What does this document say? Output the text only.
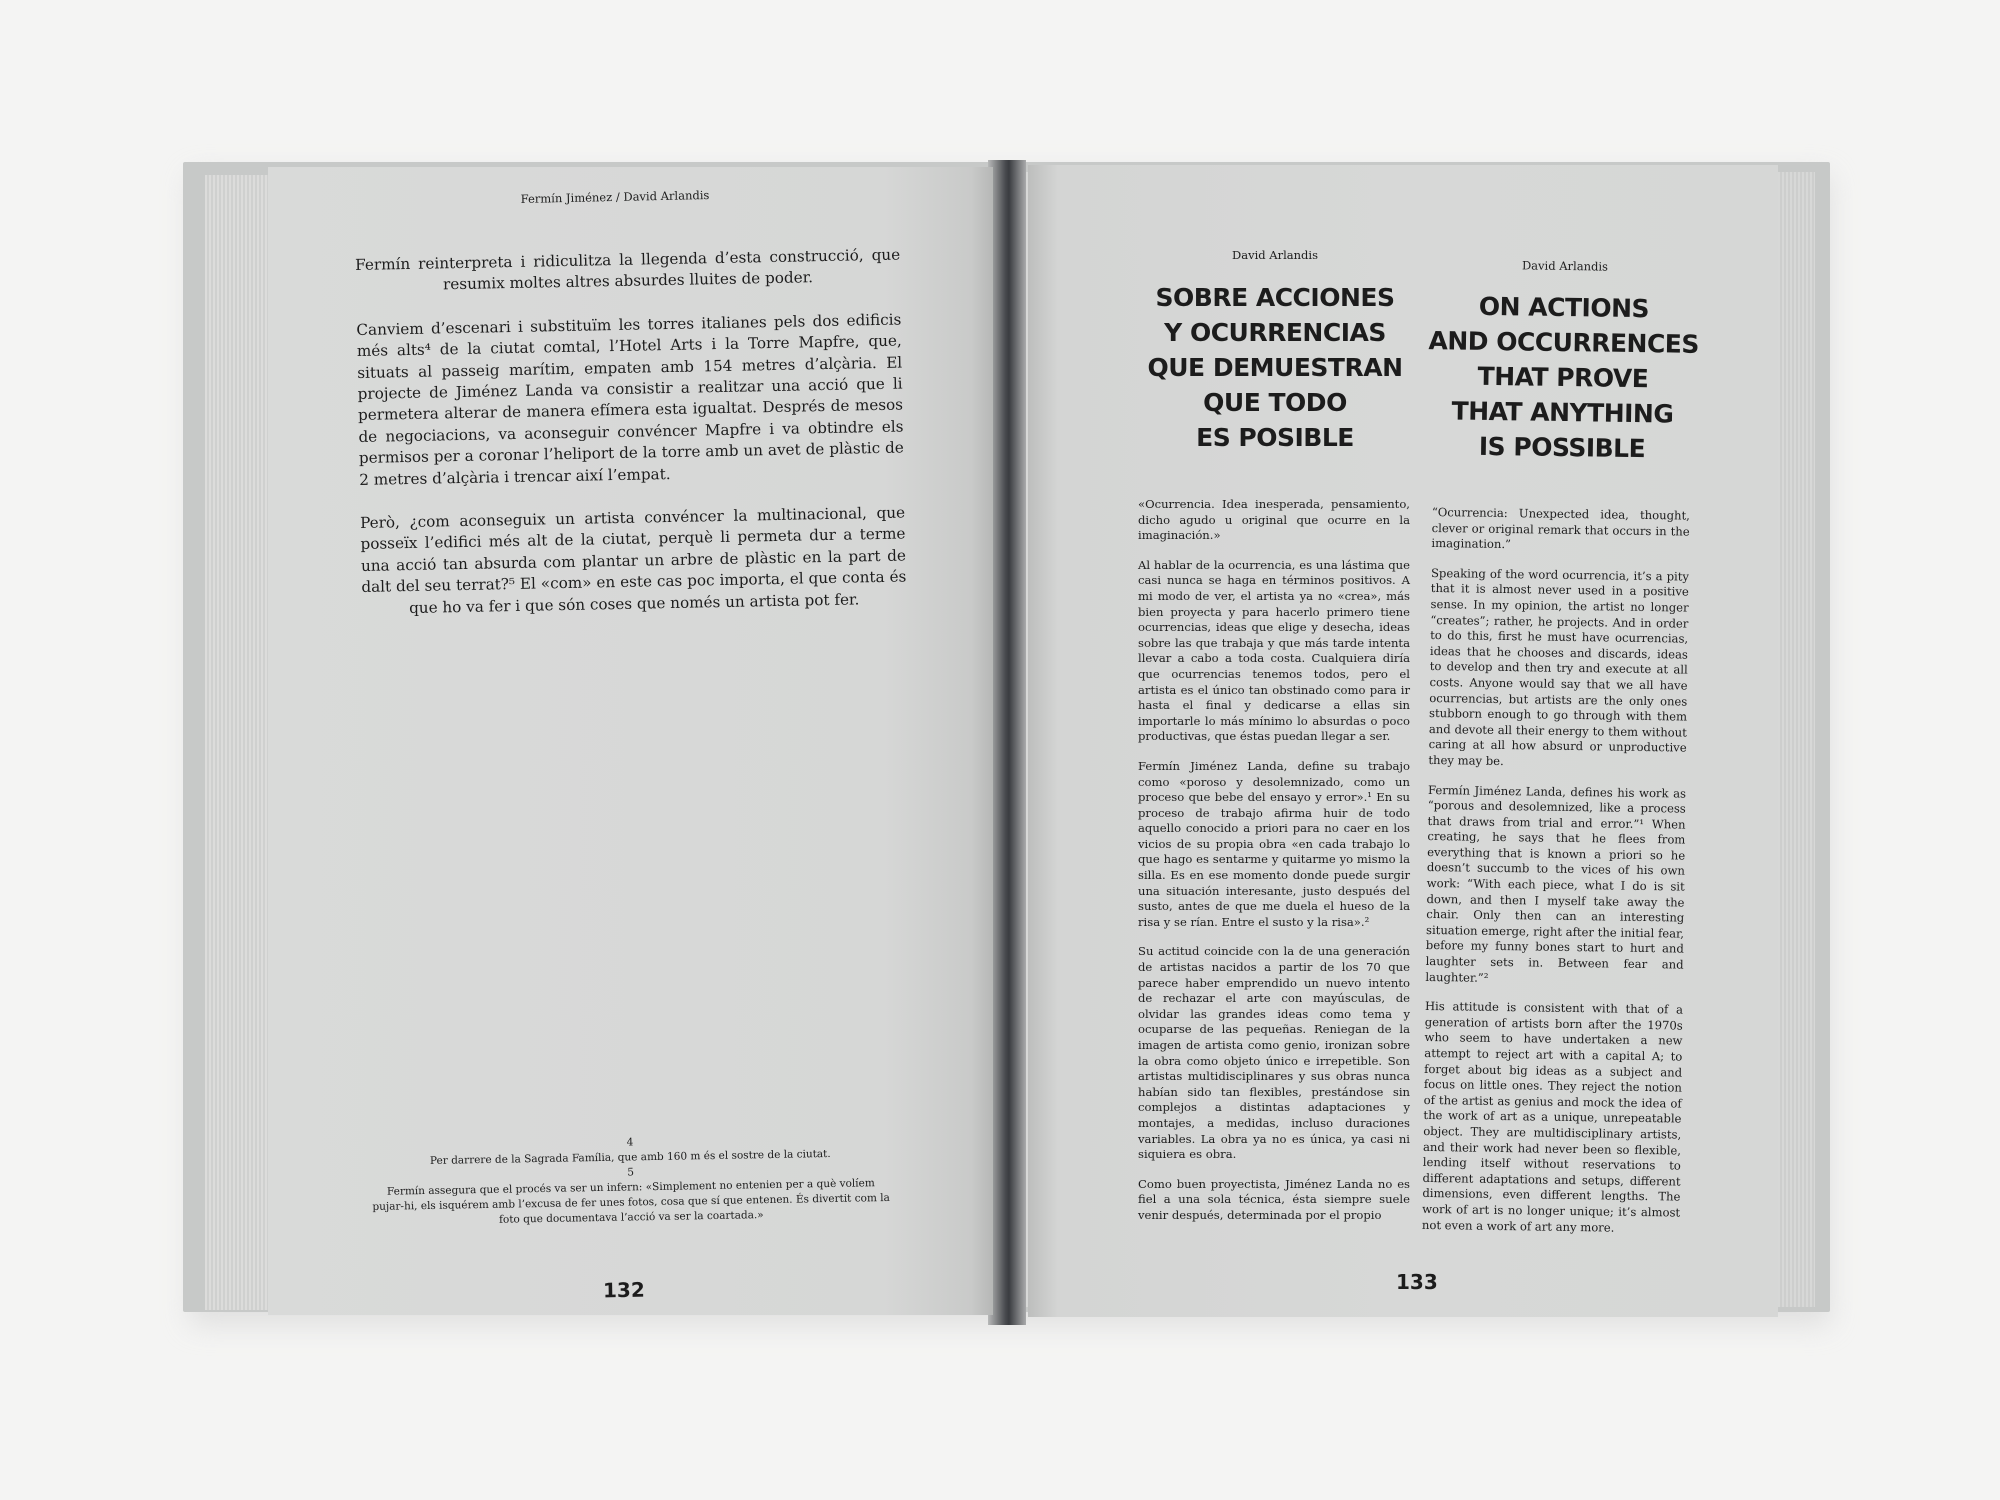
Fermín Jiménez / David Arlandis

Fermín reinterpreta i ridiculitza la llegenda d’esta construcció, que resumix moltes altres absurdes lluites de poder.

Canviem d’escenari i substituïm les torres italianes pels dos edificis més alts⁴ de la ciutat comtal, l’Hotel Arts i la Torre Mapfre, que, situats al passeig marítim, empaten amb 154 metres d’alçària. El projecte de Jiménez Landa va consistir a realitzar una acció que li permetera alterar de manera efímera esta igualtat. Després de mesos de negociacions, va aconseguir convéncer Mapfre i va obtindre els permisos per a coronar l’heliport de la torre amb un avet de plàstic de 2 metres d’alçària i trencar així l’empat.

Però, ¿com aconseguix un artista convéncer la multinacional, que posseïx l’edifici més alt de la ciutat, perquè li permeta dur a terme una acció tan absurda com plantar un arbre de plàstic en la part de dalt del seu terrat?⁵ El «com» en este cas poc importa, el que conta és que ho va fer i que són coses que només un artista pot fer.

4
Per darrere de la Sagrada Família, que amb 160 m és el sostre de la ciutat.
5
Fermín assegura que el procés va ser un infern: «Simplement no entenien per a què volíem pujar-hi, els isquérem amb l’excusa de fer unes fotos, cosa que sí que entenen. És divertit com la foto que documentava l’acció va ser la coartada.»
132
David Arlandis
SOBRE ACCIONES
Y OCURRENCIAS
QUE DEMUESTRAN
QUE TODO
ES POSIBLE

«Ocurrencia. Idea inesperada, pensamiento, dicho agudo u original que ocurre en la imaginación.»

Al hablar de la ocurrencia, es una lástima que casi nunca se haga en términos positivos. A mi modo de ver, el artista ya no «crea», más bien proyecta y para hacerlo primero tiene ocurrencias, ideas que elige y desecha, ideas sobre las que trabaja y que más tarde intenta llevar a cabo a toda costa. Cualquiera diría que ocurrencias tenemos todos, pero el artista es el único tan obstinado como para ir hasta el final y dedicarse a ellas sin importarle lo más mínimo lo absurdas o poco productivas, que éstas puedan llegar a ser.

Fermín Jiménez Landa, define su trabajo como «poroso y desolemnizado, como un proceso que bebe del ensayo y error».¹ En su proceso de trabajo afirma huir de todo aquello conocido a priori para no caer en los vicios de su propia obra «en cada trabajo lo que hago es sentarme y quitarme yo mismo la silla. Es en ese momento donde puede surgir una situación interesante, justo después del susto, antes de que me duela el hueso de la risa y se rían. Entre el susto y la risa».²

Su actitud coincide con la de una generación de artistas nacidos a partir de los 70 que parece haber emprendido un nuevo intento de rechazar el arte con mayúsculas, de olvidar las grandes ideas como tema y ocuparse de las pequeñas. Reniegan de la imagen de artista como genio, ironizan sobre la obra como objeto único e irrepetible. Son artistas multidisciplinares y sus obras nunca habían sido tan flexibles, prestándose sin complejos a distintas adaptaciones y montajes, a medidas, incluso duraciones variables. La obra ya no es única, ya casi ni siquiera es obra.

Como buen proyectista, Jiménez Landa no es fiel a una sola técnica, ésta siempre suele venir después, determinada por el propio

David Arlandis
ON ACTIONS
AND OCCURRENCES
THAT PROVE
THAT ANYTHING
IS POSSIBLE

“Ocurrencia: Unexpected idea, thought, clever or original remark that occurs in the imagination.”

Speaking of the word ocurrencia, it’s a pity that it is almost never used in a positive sense. In my opinion, the artist no longer “creates”; rather, he projects. And in order to do this, first he must have ocurrencias, ideas that he chooses and discards, ideas to develop and then try and execute at all costs. Anyone would say that we all have ocurrencias, but artists are the only ones stubborn enough to go through with them and devote all their energy to them without caring at all how absurd or unproductive they may be.

Fermín Jiménez Landa, defines his work as “porous and desolemnized, like a process that draws from trial and error.”¹ When creating, he says that he flees from everything that is known a priori so he doesn’t succumb to the vices of his own work: “With each piece, what I do is sit down, and then I myself take away the chair. Only then can an interesting situation emerge, right after the initial fear, before my funny bones start to hurt and laughter sets in. Between fear and laughter.”²

His attitude is consistent with that of a generation of artists born after the 1970s who seem to have undertaken a new attempt to reject art with a capital A; to forget about big ideas as a subject and focus on little ones. They reject the notion of the artist as genius and mock the idea of the work of art as a unique, unrepeatable object. They are multidisciplinary artists, and their work had never been so flexible, lending itself without reservations to different adaptations and setups, different dimensions, even different lengths. The work of art is no longer unique; it’s almost not even a work of art any more.

133
